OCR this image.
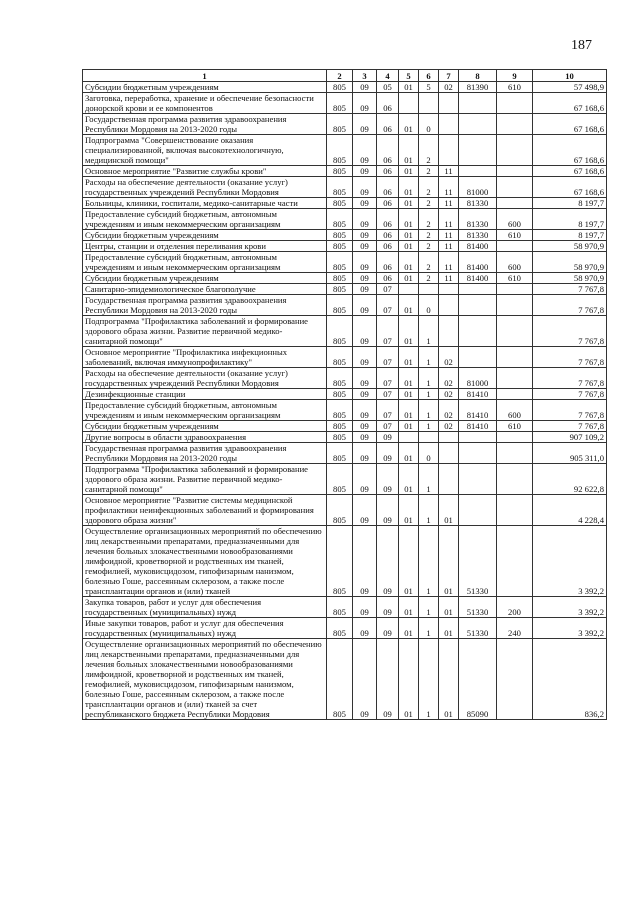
187
1	2	3	4	5	6	7	8	9	10
Субсидии бюджетным учреждениям	805	09	05	01	5	02	81390	610	57 498,9
Заготовка, переработка, хранение и обеспечение безопасности донорской крови и ее компонентов	805	09	06						67 168,6
Государственная программа развития здравоохранения Республики Мордовия на 2013-2020 годы	805	09	06	01	0				67 168,6
Подпрограмма "Совершенствование оказания специализированной, включая высокотехнологичную, медицинской помощи"	805	09	06	01	2				67 168,6
Основное мероприятие "Развитие службы крови"	805	09	06	01	2	11			67 168,6
Расходы на обеспечение деятельности (оказание услуг) государственных учреждений Республики Мордовия	805	09	06	01	2	11	81000		67 168,6
Больницы, клиники, госпитали, медико-санитарные части	805	09	06	01	2	11	81330		8 197,7
Предоставление субсидий бюджетным, автономным учреждениям и иным некоммерческим организациям	805	09	06	01	2	11	81330	600	8 197,7
Субсидии бюджетным учреждениям	805	09	06	01	2	11	81330	610	8 197,7
Центры, станции и отделения переливания крови	805	09	06	01	2	11	81400		58 970,9
Предоставление субсидий бюджетным, автономным учреждениям и иным некоммерческим организациям	805	09	06	01	2	11	81400	600	58 970,9
Субсидии бюджетным учреждениям	805	09	06	01	2	11	81400	610	58 970,9
Санитарно-эпидемиологическое благополучие	805	09	07						7 767,8
Государственная программа развития здравоохранения Республики Мордовия на 2013-2020 годы	805	09	07	01	0				7 767,8
Подпрограмма "Профилактика заболеваний и формирование здорового образа жизни. Развитие первичной медико-санитарной помощи"	805	09	07	01	1				7 767,8
Основное мероприятие "Профилактика инфекционных заболеваний, включая иммунопрофилактику"	805	09	07	01	1	02			7 767,8
Расходы на обеспечение деятельности (оказание услуг) государственных учреждений Республики Мордовия	805	09	07	01	1	02	81000		7 767,8
Дезинфекционные станции	805	09	07	01	1	02	81410		7 767,8
Предоставление субсидий бюджетным, автономным учреждениям и иным некоммерческим организациям	805	09	07	01	1	02	81410	600	7 767,8
Субсидии бюджетным учреждениям	805	09	07	01	1	02	81410	610	7 767,8
Другие вопросы в области здравоохранения	805	09	09						907 109,2
Государственная программа развития здравоохранения Республики Мордовия на 2013-2020 годы	805	09	09	01	0				905 311,0
Подпрограмма "Профилактика заболеваний и формирование здорового образа жизни. Развитие первичной медико-санитарной помощи"	805	09	09	01	1				92 622,8
Основное мероприятие "Развитие системы медицинской профилактики неинфекционных заболеваний и формирования здорового образа жизни"	805	09	09	01	1	01			4 228,4
Осуществление организационных мероприятий по обеспечению лиц лекарственными препаратами, предназначенными для лечения больных злокачественными новообразованиями лимфоидной, кроветворной и родственных им тканей, гемофилией, муковисцидозом, гипофизарным нанизмом, болезнью Гоше, рассеянным склерозом, а также после трансплантации органов и (или) тканей	805	09	09	01	1	01	51330		3 392,2
Закупка товаров, работ и услуг для обеспечения государственных (муниципальных) нужд	805	09	09	01	1	01	51330	200	3 392,2
Иные закупки товаров, работ и услуг для обеспечения государственных (муниципальных) нужд	805	09	09	01	1	01	51330	240	3 392,2
Осуществление организационных мероприятий по обеспечению лиц лекарственными препаратами, предназначенными для лечения больных злокачественными новообразованиями лимфоидной, кроветворной и родственных им тканей, гемофилией, муковисцидозом, гипофизарным нанизмом, болезнью Гоше, рассеянным склерозом, а также после трансплантации органов и (или) тканей за счет республиканского бюджета Республики Мордовия	805	09	09	01	1	01	85090		836,2
